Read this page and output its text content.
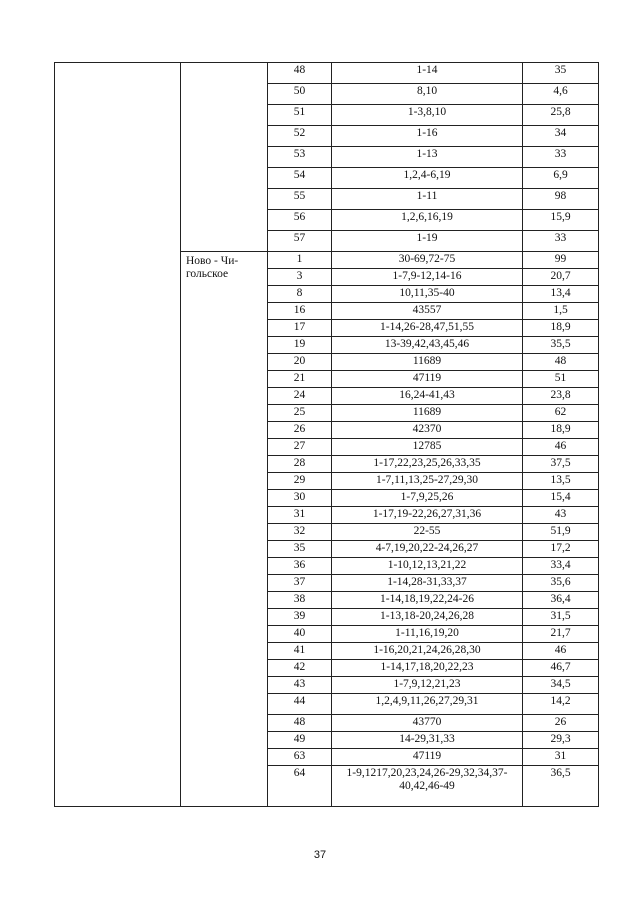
		48	1-14	35
		50	8,10	4,6
		51	1-3,8,10	25,8
		52	1-16	34
		53	1-13	33
		54	1,2,4-6,19	6,9
		55	1-11	98
		56	1,2,6,16,19	15,9
		57	1-19	33
	Ново - Чи-гольское	1	30-69,72-75	99
		3	1-7,9-12,14-16	20,7
		8	10,11,35-40	13,4
		16	43557	1,5
		17	1-14,26-28,47,51,55	18,9
		19	13-39,42,43,45,46	35,5
		20	11689	48
		21	47119	51
		24	16,24-41,43	23,8
		25	11689	62
		26	42370	18,9
		27	12785	46
		28	1-17,22,23,25,26,33,35	37,5
		29	1-7,11,13,25-27,29,30	13,5
		30	1-7,9,25,26	15,4
		31	1-17,19-22,26,27,31,36	43
		32	22-55	51,9
		35	4-7,19,20,22-24,26,27	17,2
		36	1-10,12,13,21,22	33,4
		37	1-14,28-31,33,37	35,6
		38	1-14,18,19,22,24-26	36,4
		39	1-13,18-20,24,26,28	31,5
		40	1-11,16,19,20	21,7
		41	1-16,20,21,24,26,28,30	46
		42	1-14,17,18,20,22,23	46,7
		43	1-7,9,12,21,23	34,5
		44	1,2,4,9,11,26,27,29,31	14,2
		48	43770	26
		49	14-29,31,33	29,3
		63	47119	31
		64	1-9,1217,20,23,24,26-29,32,34,37-40,42,46-49	36,5
37
